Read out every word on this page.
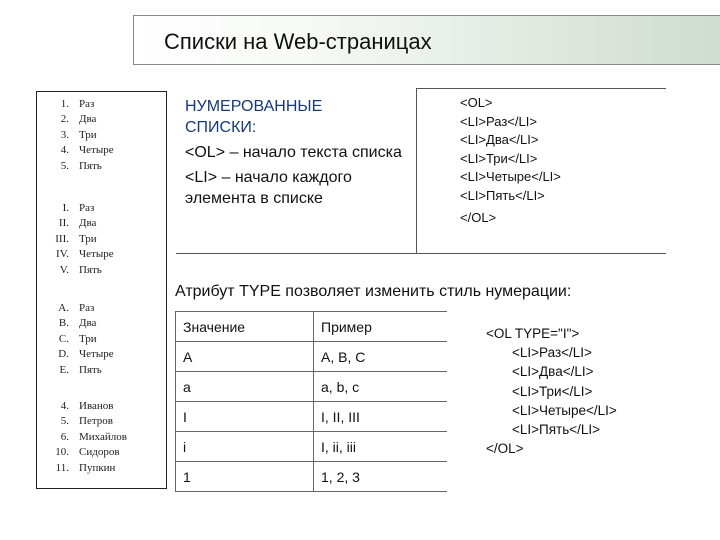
Списки на Web-страницах
1. Раз
2. Два
3. Три
4. Четыре
5. Пять
I. Раз
II. Два
III. Три
IV. Четыре
V. Пять
A. Раз
B. Два
C. Три
D. Четыре
E. Пять
4. Иванов
5. Петров
6. Михайлов
10. Сидоров
11. Пупкин

НУМЕРОВАННЫЕ
СПИСКИ:

<OL> – начало текста списка

<LI> – начало каждого элемента в списке

<OL>
<LI>Раз</LI>
<LI>Два</LI>
<LI>Три</LI>
<LI>Четыре</LI>
<LI>Пять</LI>
</OL>
Атрибут TYPE позволяет изменить стиль нумерации:
Значение	Пример
A	A, B, C
a	a, b, c
I	I, II, III
i	I, ii, iii
1	1, 2, 3
<OL TYPE="I">
<LI>Раз</LI>
<LI>Два</LI>
<LI>Три</LI>
<LI>Четыре</LI>
<LI>Пять</LI>
</OL>
